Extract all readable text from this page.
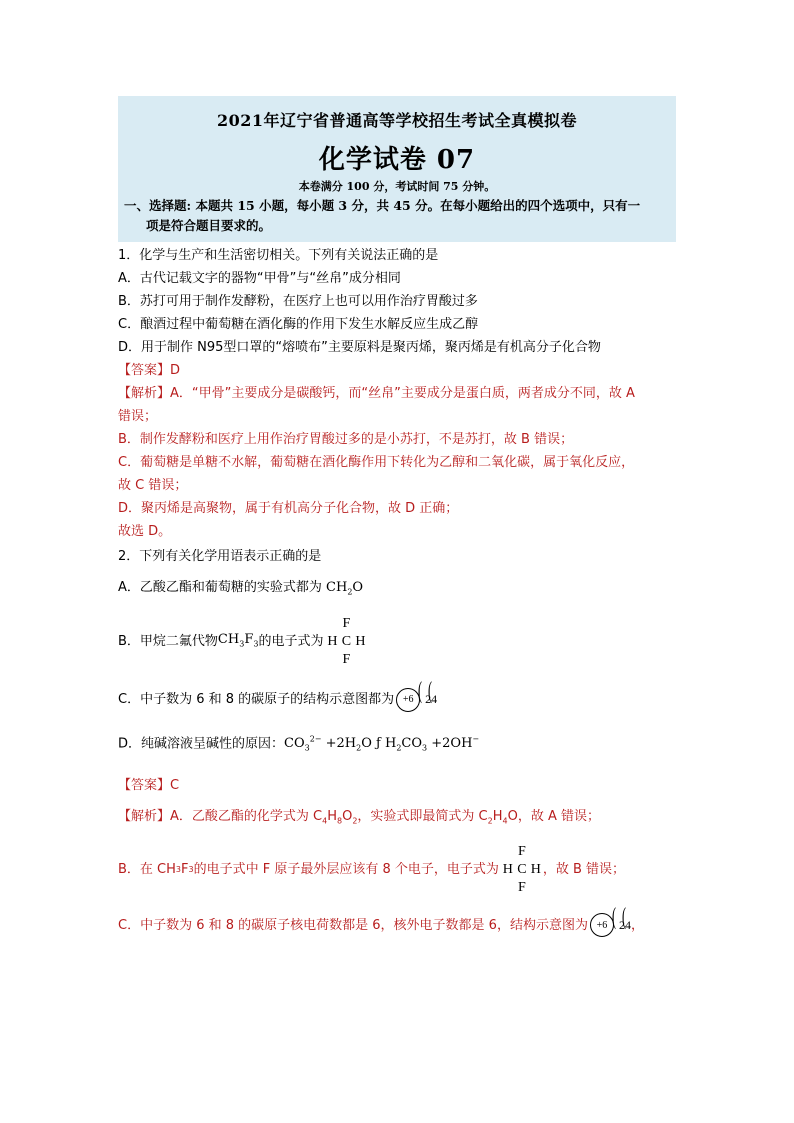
2021年辽宁省普通高等学校招生考试全真模拟卷
化学试卷 07
本卷满分 100 分，考试时间 75 分钟。
一、选择题: 本题共 15 小题，每小题 3 分，共 45 分。在每小题给出的四个选项中，只有一
项是符合题目要求的。
1．化学与生产和生活密切相关。下列有关说法正确的是
A．古代记载文字的器物“甲骨”与“丝帛”成分相同
B．苏打可用于制作发酵粉，在医疗上也可以用作治疗胃酸过多
C．酿酒过程中葡萄糖在酒化酶的作用下发生水解反应生成乙醇
D．用于制作 N95型口罩的“熔喷布”主要原料是聚丙烯，聚丙烯是有机高分子化合物
【答案】D
【解析】A．“甲骨”主要成分是碳酸钙，而“丝帛”主要成分是蛋白质，两者成分不同，故 A
错误；
B．制作发酵粉和医疗上用作治疗胃酸过多的是小苏打，不是苏打，故 B 错误；
C．葡萄糖是单糖不水解，葡萄糖在酒化酶作用下转化为乙醇和二氧化碳，属于氧化反应，
故 C 错误；
D．聚丙烯是高聚物，属于有机高分子化合物，故 D 正确；
故选 D。
2．下列有关化学用语表示正确的是
A．乙酸乙酯和葡萄糖的实验式都为 $CH_2O$
B．甲烷二氟代物 $CH_3F_3$ 的电子式为
F
H C H
F
C．中子数为 6 和 8 的碳原子的结构示意图都为 +6 ( 24 (
D．纯碱溶液呈碱性的原因：$CO_3^{2-} +2H_2O$ ƒ $H_2CO_3 +2OH^-$
【答案】C
【解析】A．乙酸乙酯的化学式为 $C_4H_8O_2$，实验式即最简式为 $C_2H_4O$，故 A 错误；
B．在 CH 3 F 3 的电子式中 F 原子最外层应该有 8 个电子，电子式为
F
H C H
F
，故 B 错误；
C．中子数为 6 和 8 的碳原子核电荷数都是 6，核外电子数都是 6，结构示意图为 +6 ( 24 ( ，
